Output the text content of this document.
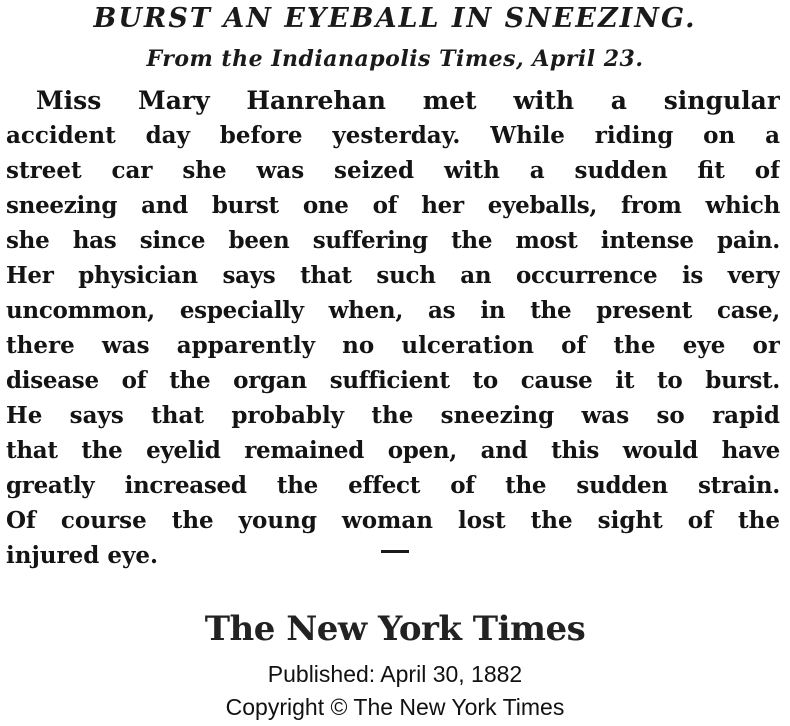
BURST AN EYEBALL IN SNEEZING.
From the Indianapolis Times, April 23.
Miss Mary Hanrehan met with a singular
accident day before yesterday. While riding on a
street car she was seized with a sudden fit of
sneezing and burst one of her eyeballs, from which
she has since been suffering the most intense pain.
Her physician says that such an occurrence is very
uncommon, especially when, as in the present case,
there was apparently no ulceration of the eye or
disease of the organ sufficient to cause it to burst.
He says that probably the sneezing was so rapid
that the eyelid remained open, and this would have
greatly increased the effect of the sudden strain.
Of course the young woman lost the sight of the
injured eye.
The New York Times
Published: April 30, 1882
Copyright © The New York Times
